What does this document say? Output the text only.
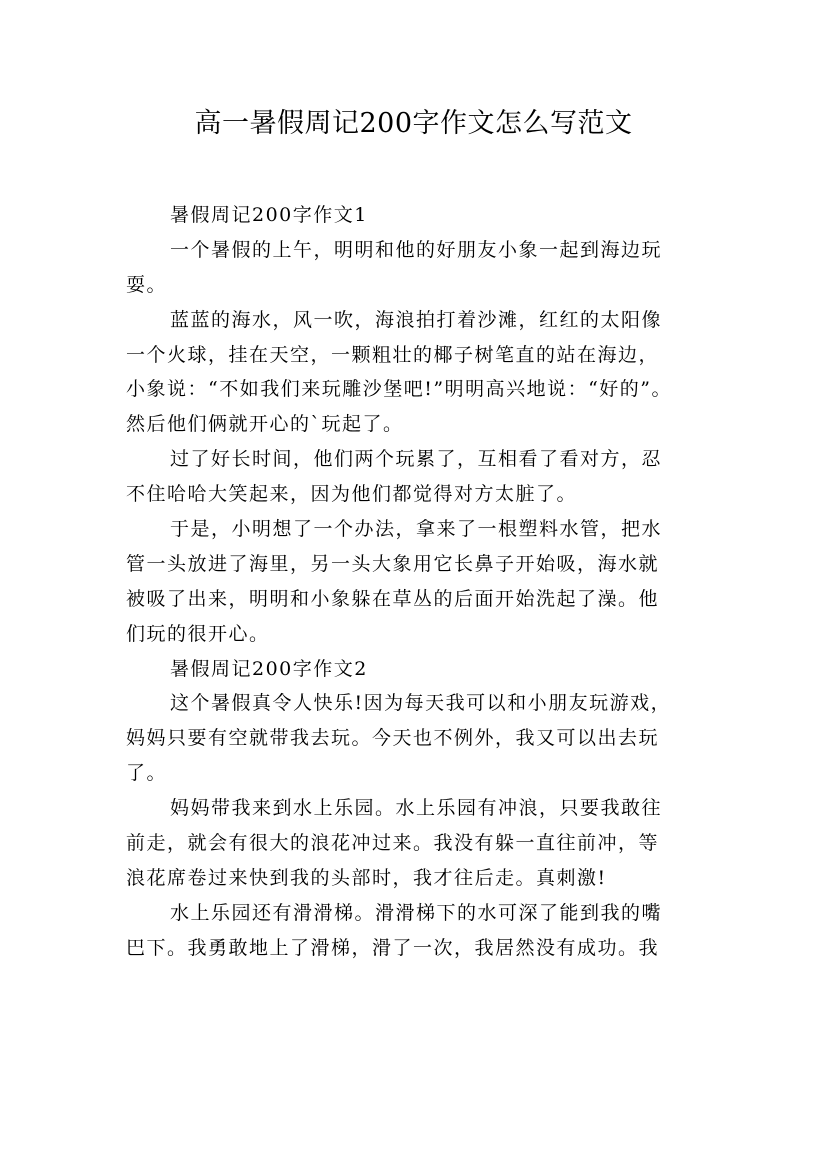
高一暑假周记200字作文怎么写范文
暑假周记200字作文1
一个暑假的上午，明明和他的好朋友小象一起到海边玩
耍。
蓝蓝的海水，风一吹，海浪拍打着沙滩，红红的太阳像
一个火球，挂在天空，一颗粗壮的椰子树笔直的站在海边，
小象说：“不如我们来玩雕沙堡吧!”明明高兴地说：“好的”。
然后他们俩就开心的`玩起了。
过了好长时间，他们两个玩累了，互相看了看对方，忍
不住哈哈大笑起来，因为他们都觉得对方太脏了。
于是，小明想了一个办法，拿来了一根塑料水管，把水
管一头放进了海里，另一头大象用它长鼻子开始吸，海水就
被吸了出来，明明和小象躲在草丛的后面开始洗起了澡。他
们玩的很开心。
暑假周记200字作文2
这个暑假真令人快乐!因为每天我可以和小朋友玩游戏，
妈妈只要有空就带我去玩。今天也不例外，我又可以出去玩
了。
妈妈带我来到水上乐园。水上乐园有冲浪，只要我敢往
前走，就会有很大的浪花冲过来。我没有躲一直往前冲，等
浪花席卷过来快到我的头部时，我才往后走。真刺激!
水上乐园还有滑滑梯。滑滑梯下的水可深了能到我的嘴
巴下。我勇敢地上了滑梯，滑了一次，我居然没有成功。我
